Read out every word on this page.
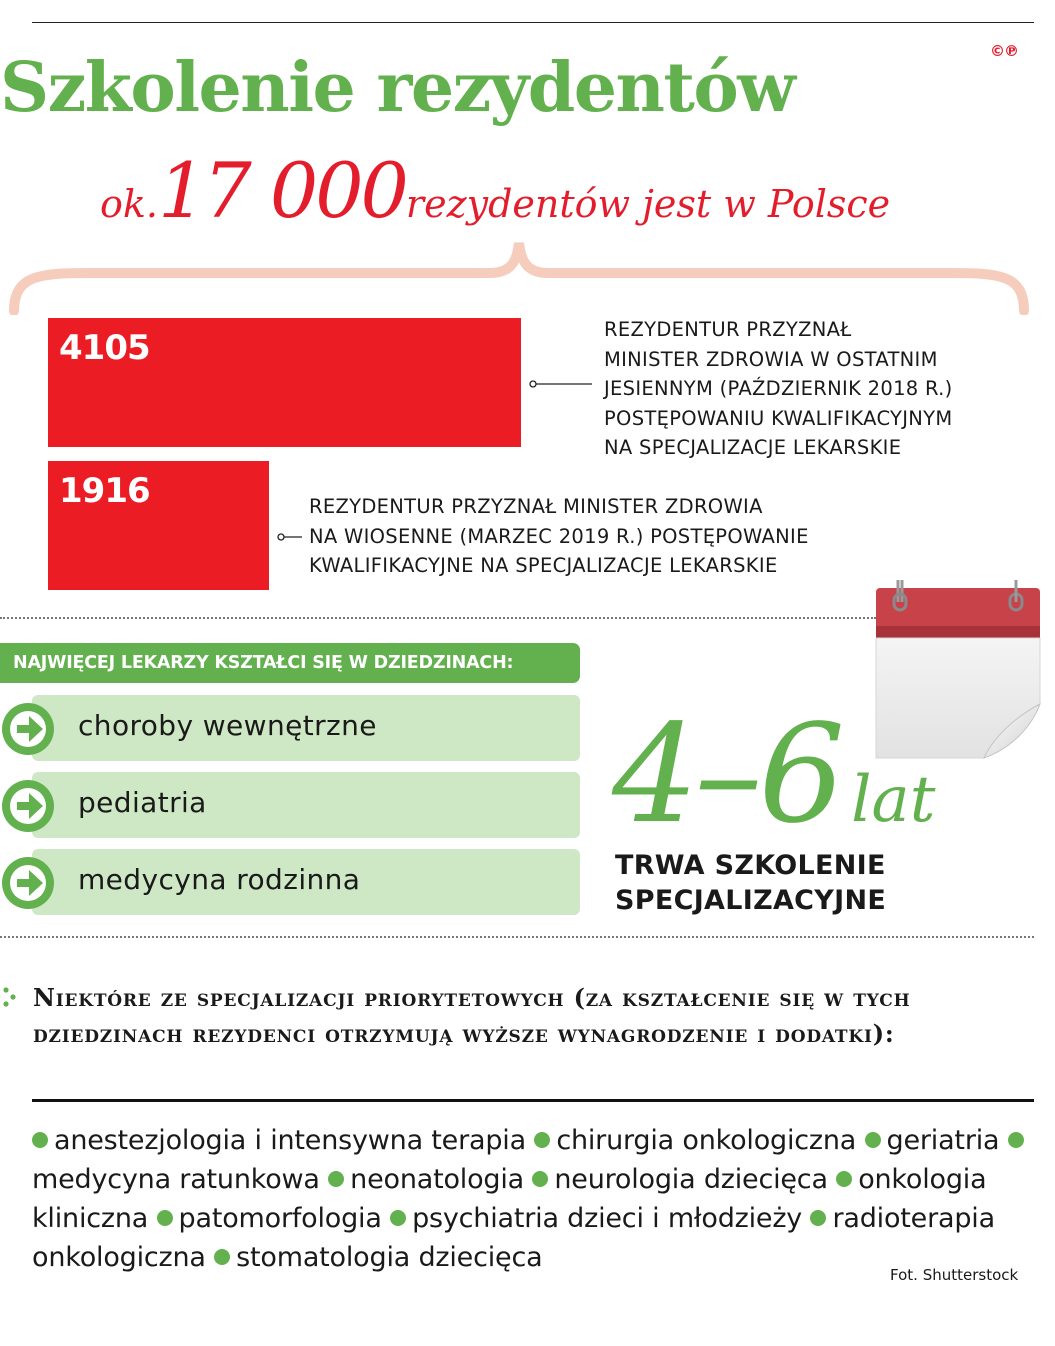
Szkolenie rezydentów	©℗
ok.17 000rezydentów jest w Polsce
4105
1916
REZYDENTUR PRZYZNAŁ
MINISTER ZDROWIA W OSTATNIM
JESIENNYM (PAŹDZIERNIK 2018 R.)
POSTĘPOWANIU KWALIFIKACYJNYM
NA SPECJALIZACJE LEKARSKIE
REZYDENTUR PRZYZNAŁ MINISTER ZDROWIA
NA WIOSENNE (MARZEC 2019 R.) POSTĘPOWANIE
KWALIFIKACYJNE NA SPECJALIZACJE LEKARSKIE
NAJWIĘCEJ LEKARZY KSZTAŁCI SIĘ W DZIEDZINACH:
choroby wewnętrzne
pediatria
medycyna rodzinna
4–6 lat
TRWA SZKOLENIE
SPECJALIZACYJNE
Niektóre ze specjalizacji priorytetowych (za kształcenie się w tych dziedzinach rezydenci otrzymują wyższe wynagrodzenie i dodatki):
anestezjologia i intensywna terapia chirurgia onkologiczna geriatria medycyna ratunkowa neonatologia neurologia dziecięca onkologia kliniczna patomorfologia psychiatria dzieci i młodzieży radioterapia onkologiczna stomatologia dziecięca
Fot. Shutterstock
